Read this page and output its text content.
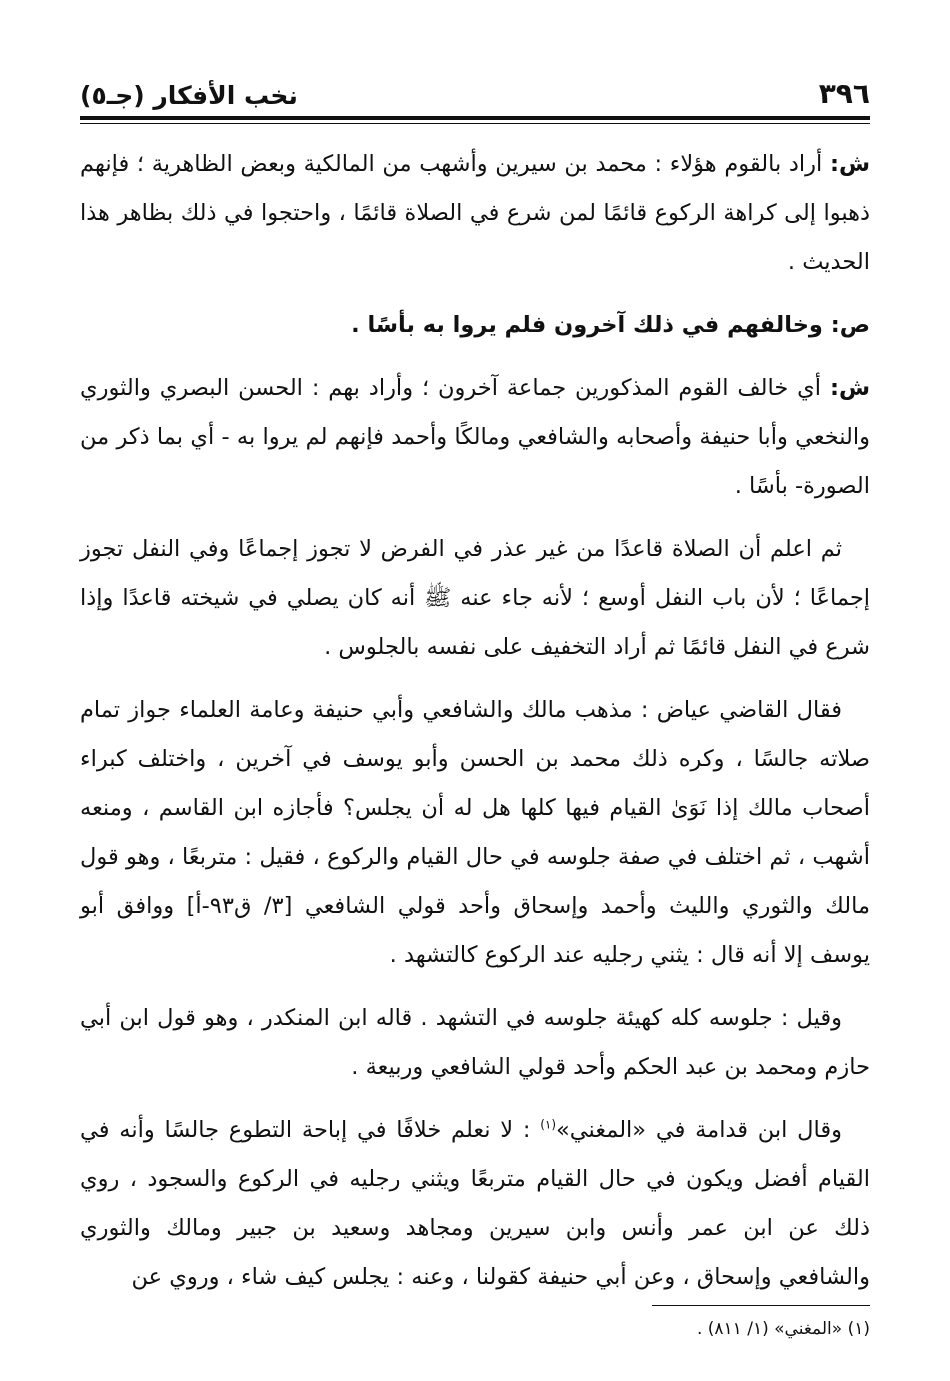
٣٩٦
نخب الأفكار (جـ٥)

ش: أراد بالقوم هؤلاء : محمد بن سيرين وأشهب من المالكية وبعض الظاهرية ؛ فإنهم ذهبوا إلى كراهة الركوع قائمًا لمن شرع في الصلاة قائمًا ، واحتجوا في ذلك بظاهر هذا الحديث .

ص: وخالفهم في ذلك آخرون فلم يروا به بأسًا .

ش: أي خالف القوم المذكورين جماعة آخرون ؛ وأراد بهم : الحسن البصري والثوري والنخعي وأبا حنيفة وأصحابه والشافعي ومالكًا وأحمد فإنهم لم يروا به - أي بما ذكر من الصورة- بأسًا .

ثم اعلم أن الصلاة قاعدًا من غير عذر في الفرض لا تجوز إجماعًا وفي النفل تجوز إجماعًا ؛ لأن باب النفل أوسع ؛ لأنه جاء عنه ﷺ أنه كان يصلي في شيخته قاعدًا وإذا شرع في النفل قائمًا ثم أراد التخفيف على نفسه بالجلوس .

فقال القاضي عياض : مذهب مالك والشافعي وأبي حنيفة وعامة العلماء جواز تمام صلاته جالسًا ، وكره ذلك محمد بن الحسن وأبو يوسف في آخرين ، واختلف كبراء أصحاب مالك إذا نَوَىٰ القيام فيها كلها هل له أن يجلس؟ فأجازه ابن القاسم ، ومنعه أشهب ، ثم اختلف في صفة جلوسه في حال القيام والركوع ، فقيل : متربعًا ، وهو قول مالك والثوري والليث وأحمد وإسحاق وأحد قولي الشافعي [٣/ ق٩٣-أ] ووافق أبو يوسف إلا أنه قال : يثني رجليه عند الركوع كالتشهد .

وقيل : جلوسه كله كهيئة جلوسه في التشهد . قاله ابن المنكدر ، وهو قول ابن أبي حازم ومحمد بن عبد الحكم وأحد قولي الشافعي وربيعة .

وقال ابن قدامة في «المغني»$^{(١)}$ : لا نعلم خلافًا في إباحة التطوع جالسًا وأنه في القيام أفضل ويكون في حال القيام متربعًا ويثني رجليه في الركوع والسجود ، روي ذلك عن ابن عمر وأنس وابن سيرين ومجاهد وسعيد بن جبير ومالك والثوري والشافعي وإسحاق ، وعن أبي حنيفة كقولنا ، وعنه : يجلس كيف شاء ، وروي عن

(١) «المغني» (١/ ٨١١) .
